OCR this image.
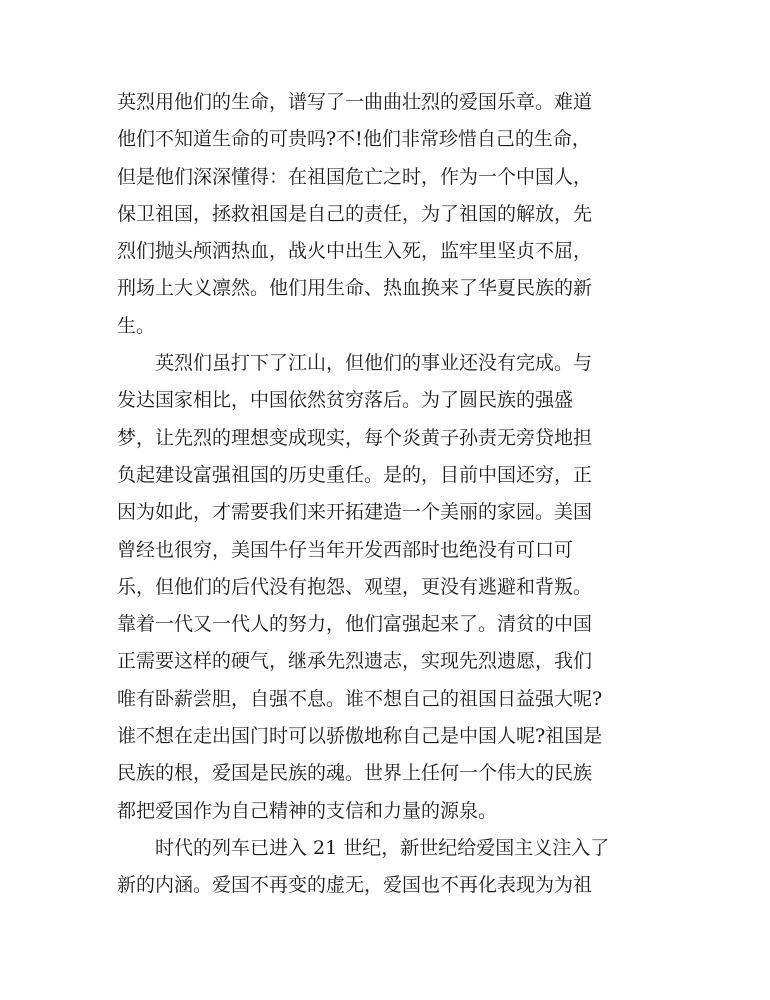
英烈用他们的生命，谱写了一曲曲壮烈的爱国乐章。难道
他们不知道生命的可贵吗?不!他们非常珍惜自己的生命，
但是他们深深懂得：在祖国危亡之时，作为一个中国人，
保卫祖国，拯救祖国是自己的责任，为了祖国的解放，先
烈们抛头颅洒热血，战火中出生入死，监牢里坚贞不屈，
刑场上大义凛然。他们用生命、热血换来了华夏民族的新
生。
　　英烈们虽打下了江山，但他们的事业还没有完成。与
发达国家相比，中国依然贫穷落后。为了圆民族的强盛
梦，让先烈的理想变成现实，每个炎黄子孙责无旁贷地担
负起建设富强祖国的历史重任。是的，目前中国还穷，正
因为如此，才需要我们来开拓建造一个美丽的家园。美国
曾经也很穷，美国牛仔当年开发西部时也绝没有可口可
乐，但他们的后代没有抱怨、观望，更没有逃避和背叛。
靠着一代又一代人的努力，他们富强起来了。清贫的中国
正需要这样的硬气，继承先烈遗志，实现先烈遗愿，我们
唯有卧薪尝胆，自强不息。谁不想自己的祖国日益强大呢?
谁不想在走出国门时可以骄傲地称自己是中国人呢?祖国是
民族的根，爱国是民族的魂。世界上任何一个伟大的民族
都把爱国作为自己精神的支信和力量的源泉。
　　时代的列车已进入 21 世纪，新世纪给爱国主义注入了
新的内涵。爱国不再变的虚无，爱国也不再化表现为为祖
